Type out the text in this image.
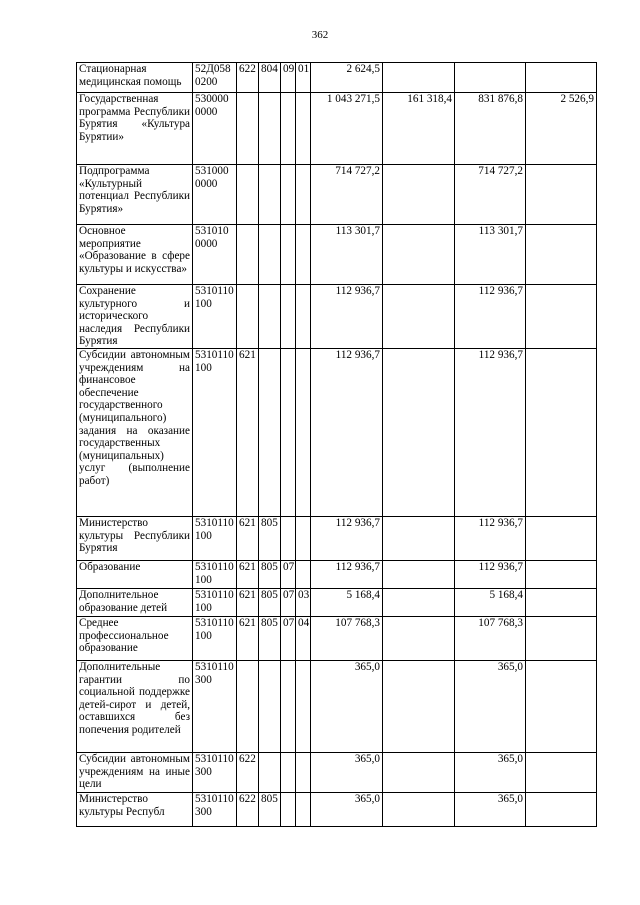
362
Стационарная медицинская помощь	52Д0580200	622	804	09	01	2 624,5			
Государственная программа Республики Бурятия «Культура Бурятии»	5300000000					1 043 271,5	161 318,4	831 876,8	2 526,9
Подпрограмма «Культурный потенциал Республики Бурятия»	5310000000					714 727,2		714 727,2	
Основное мероприятие «Образование в сфере культуры и искусства»	5310100000					113 301,7		113 301,7	
Сохранение культурного и исторического наследия Республики Бурятия	5310110100					112 936,7		112 936,7	
Субсидии автономным учреждениям на финансовое обеспечение государственного (муниципального) задания на оказание государственных (муниципальных) услуг (выполнение работ)	5310110100	621				112 936,7		112 936,7	
Министерство культуры Республики Бурятия	5310110100	621	805			112 936,7		112 936,7	
Образование	5310110100	621	805	07		112 936,7		112 936,7	
Дополнительное образование детей	5310110100	621	805	07	03	5 168,4		5 168,4	
Среднее профессиональное образование	5310110100	621	805	07	04	107 768,3		107 768,3	
Дополнительные гарантии по социальной поддержке детей-сирот и детей, оставшихся без попечения родителей	5310110300					365,0		365,0	
Субсидии автономным учреждениям на иные цели	5310110300	622				365,0		365,0	
Министерство культуры Республ	5310110300	622	805			365,0		365,0	
